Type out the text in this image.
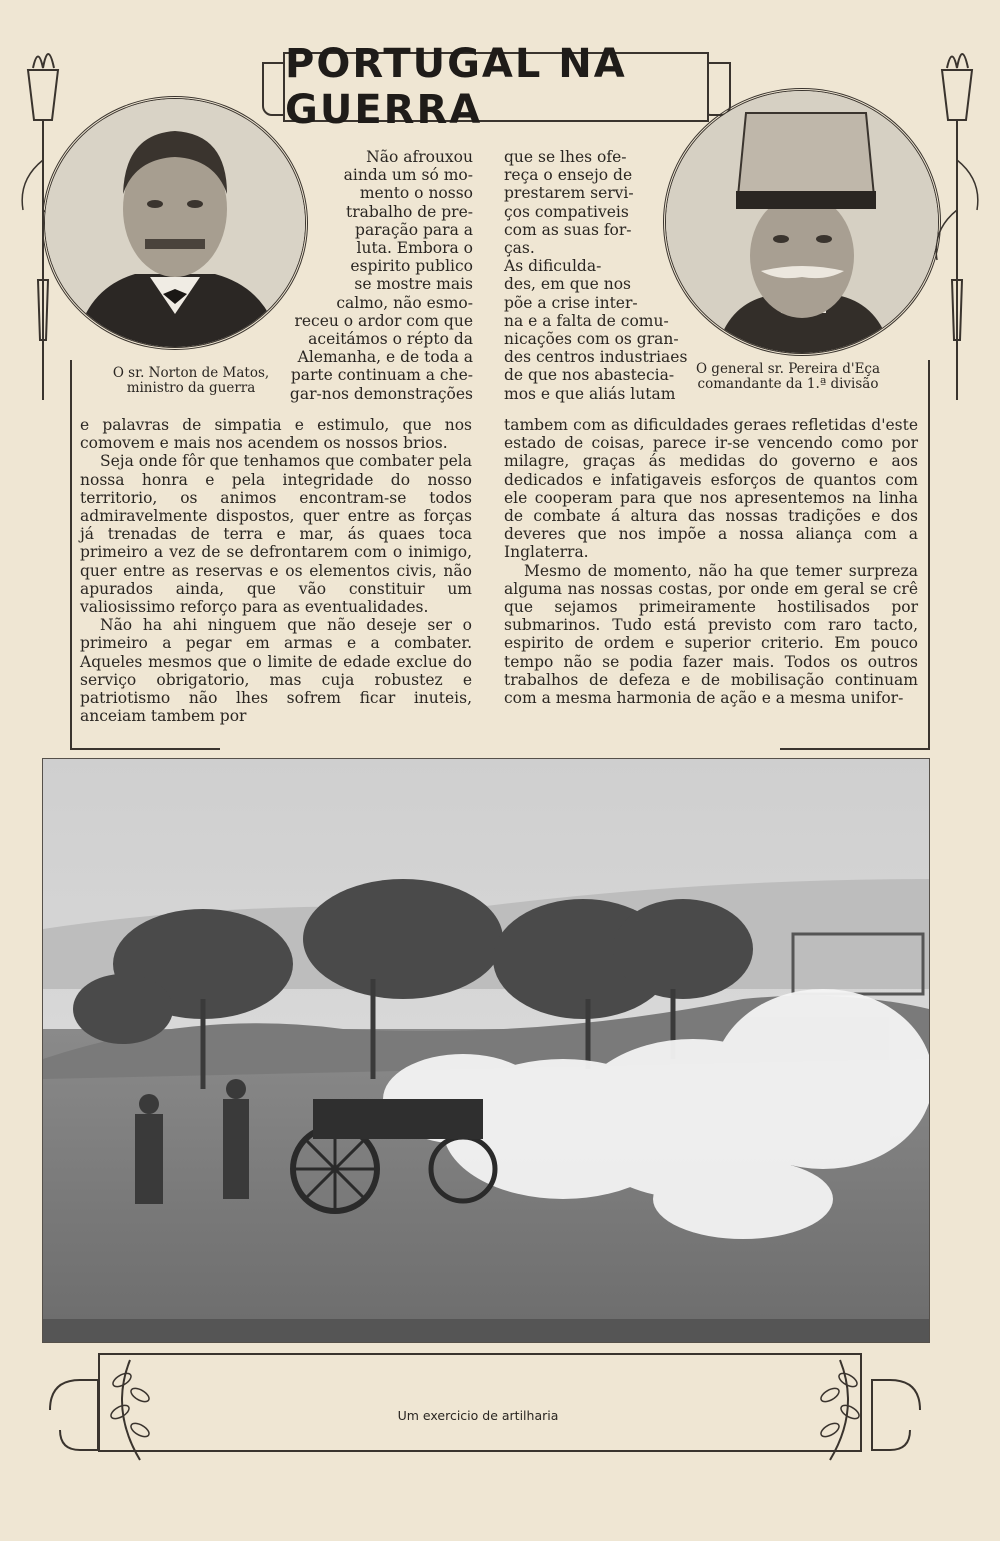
PORTUGAL NA GUERRA
O sr. Norton de Matos,
ministro da guerra
O general sr. Pereira d'Eça
comandante da 1.ª divisão
Não afrouxou
ainda um só mo-
mento o nosso
trabalho de pre-
paração para a
luta. Embora o
espirito publico
se mostre mais
calmo, não esmo-
receu o ardor com que
aceitámos o répto da
Alemanha, e de toda a
parte continuam a che-
gar-nos demonstrações

e palavras de simpatia e estimulo, que nos comovem e mais nos acendem os nossos brios.

Seja onde fôr que tenhamos que combater pela nossa honra e pela integridade do nosso territorio, os animos encontram-se todos admiravelmente dispostos, quer entre as forças já trenadas de terra e mar, ás quaes toca primeiro a vez de se defrontarem com o inimigo, quer entre as reservas e os elementos civis, não apurados ainda, que vão constituir um valiosissimo reforço para as eventualidades.

Não ha ahi ninguem que não deseje ser o primeiro a pegar em armas e a combater. Aqueles mesmos que o limite de edade exclue do serviço obrigatorio, mas cuja robustez e patriotismo não lhes sofrem ficar inuteis, anceiam tambem por

que se lhes ofe-
reça o ensejo de
prestarem servi-
ços compativeis
com as suas for-
ças.
As dificulda-
des, em que nos
põe a crise inter-
na e a falta de comu-
nicações com os gran-
des centros industriaes
de que nos abastecia-
mos e que aliás lutam

tambem com as dificuldades geraes refletidas d'este estado de coisas, parece ir-se vencendo como por milagre, graças ás medidas do governo e aos dedicados e infatigaveis esforços de quantos com ele cooperam para que nos apresentemos na linha de combate á altura das nossas tradições e dos deveres que nos impõe a nossa aliança com a Inglaterra.

Mesmo de momento, não ha que temer surpreza alguma nas nossas costas, por onde em geral se crê que sejamos primeiramente hostilisados por submarinos. Tudo está previsto com raro tacto, espirito de ordem e superior criterio. Em pouco tempo não se podia fazer mais. Todos os outros trabalhos de defeza e de mobilisação continuam com a mesma harmonia de ação e a mesma unifor-

Um exercicio de artilharia
